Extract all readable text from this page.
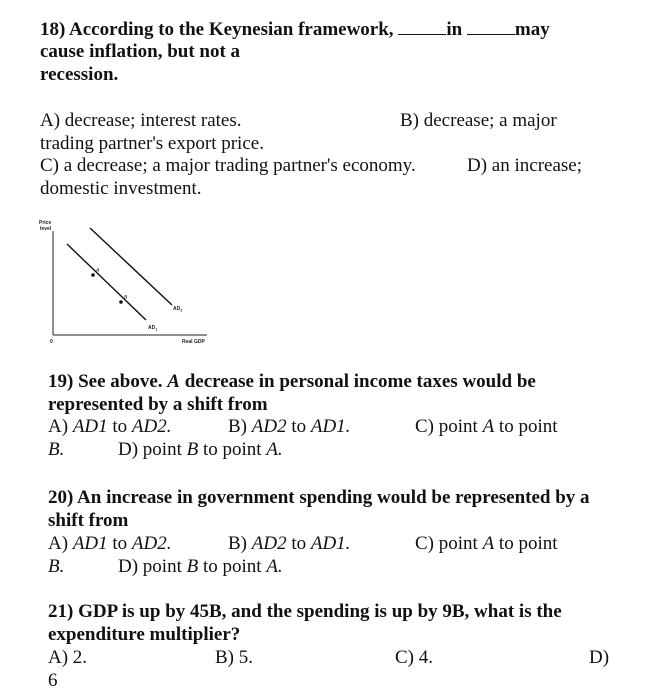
18) According to the Keynesian framework,	in	may
cause inflation, but not a
recession.
A) decrease; interest rates.	B) decrease; a major
trading partner's export price.
C) a decrease; a major trading partner's economy.	D) an increase;
domestic investment.
Price
level
0	Real GDP
A
B
$AD_2$
$AD_1$
19) See above. A decrease in personal income taxes would be
represented by a shift from
A) AD1 to AD2.	B) AD2 to AD1.	C) point A to point
B.	D) point B to point A.
20) An increase in government spending would be represented by a
shift from
A) AD1 to AD2.	B) AD2 to AD1.	C) point A to point
B.	D) point B to point A.
21) GDP is up by 45B, and the spending is up by 9B, what is the
expenditure multiplier?
A) 2.	B) 5.	C) 4.	D)
6
